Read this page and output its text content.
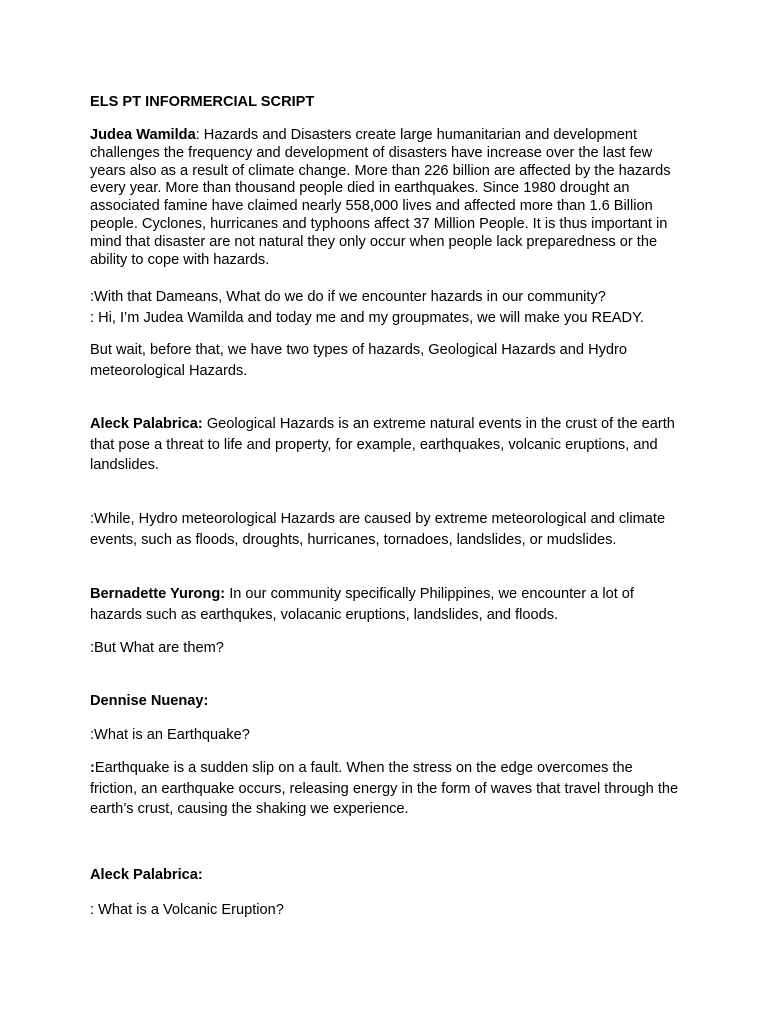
ELS PT INFORMERCIAL SCRIPT

Judea Wamilda: Hazards and Disasters create large humanitarian and development challenges the frequency and development of disasters have increase over the last few years also as a result of climate change. More than 226 billion are affected by the hazards every year. More than thousand people died in earthquakes. Since 1980 drought an associated famine have claimed nearly 558,000 lives and affected more than 1.6 Billion people. Cyclones, hurricanes and typhoons affect 37 Million People. It is thus important in mind that disaster are not natural they only occur when people lack preparedness or the ability to cope with hazards.

:With that Dameans, What do we do if we encounter hazards in our community?
: Hi, I’m Judea Wamilda and today me and my groupmates, we will make you READY.

But wait, before that, we have two types of hazards, Geological Hazards and Hydro meteorological Hazards.

Aleck Palabrica: Geological Hazards is an extreme natural events in the crust of the earth that pose a threat to life and property, for example, earthquakes, volcanic eruptions, and landslides.

:While, Hydro meteorological Hazards are caused by extreme meteorological and climate events, such as floods, droughts, hurricanes, tornadoes, landslides, or mudslides.

Bernadette Yurong: In our community specifically Philippines, we encounter a lot of hazards such as earthqukes, volacanic eruptions, landslides, and floods.

:But What are them?

Dennise Nuenay:

:What is an Earthquake?

:Earthquake is a sudden slip on a fault. When the stress on the edge overcomes the friction, an earthquake occurs, releasing energy in the form of waves that travel through the earth’s crust, causing the shaking we experience.

Aleck Palabrica:

: What is a Volcanic Eruption?
